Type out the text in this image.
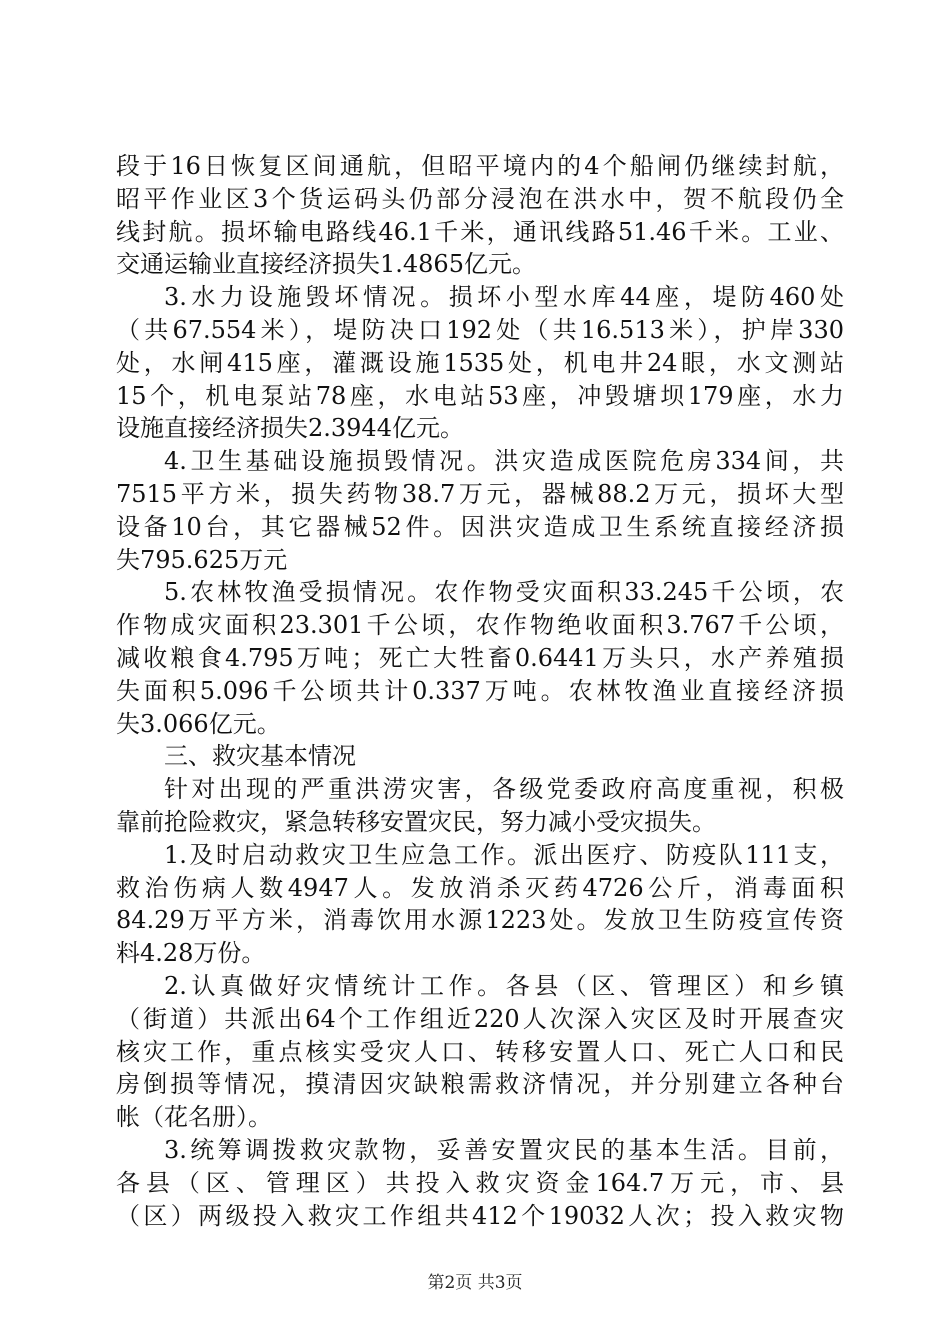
段于16日恢复区间通航，但昭平境内的4个船闸仍继续封航，
昭平作业区3个货运码头仍部分浸泡在洪水中，贺不航段仍全
线封航。损坏输电路线46.1千米，通讯线路51.46千米。工业、
交通运输业直接经济损失1.4865亿元。
3.水力设施毁坏情况。损坏小型水库44座，堤防460处
（共67.554米），堤防决口192处（共16.513米），护岸330
处，水闸415座，灌溉设施1535处，机电井24眼，水文测站
15个，机电泵站78座，水电站53座，冲毁塘坝179座，水力
设施直接经济损失2.3944亿元。
4.卫生基础设施损毁情况。洪灾造成医院危房334间，共
7515平方米，损失药物38.7万元，器械88.2万元，损坏大型
设备10台，其它器械52件。因洪灾造成卫生系统直接经济损
失795.625万元
5.农林牧渔受损情况。农作物受灾面积33.245千公顷，农
作物成灾面积23.301千公顷，农作物绝收面积3.767千公顷，
减收粮食4.795万吨；死亡大牲畜0.6441万头只，水产养殖损
失面积5.096千公顷共计0.337万吨。农林牧渔业直接经济损
失3.066亿元。
三、救灾基本情况
针对出现的严重洪涝灾害，各级党委政府高度重视，积极
靠前抢险救灾，紧急转移安置灾民，努力减小受灾损失。
1.及时启动救灾卫生应急工作。派出医疗、防疫队111支，
救治伤病人数4947人。发放消杀灭药4726公斤，消毒面积
84.29万平方米，消毒饮用水源1223处。发放卫生防疫宣传资
料4.28万份。
2.认真做好灾情统计工作。各县（区、管理区）和乡镇
（街道）共派出64个工作组近220人次深入灾区及时开展查灾
核灾工作，重点核实受灾人口、转移安置人口、死亡人口和民
房倒损等情况，摸清因灾缺粮需救济情况，并分别建立各种台
帐（花名册）。
3.统筹调拨救灾款物，妥善安置灾民的基本生活。目前，
各县（区、管理区）共投入救灾资金164.7万元，市、县
（区）两级投入救灾工作组共412个19032人次；投入救灾物
第2页 共3页
